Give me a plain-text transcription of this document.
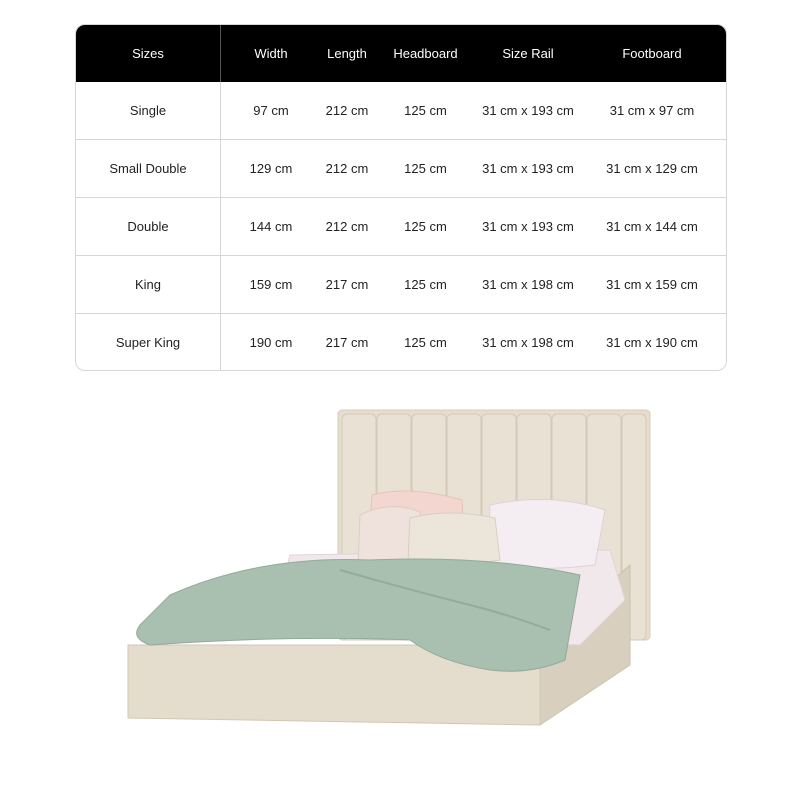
Sizes	Width	Length	Headboard	Size Rail	Footboard
Single	97 cm	212 cm	125 cm	31 cm x 193 cm	31 cm x 97 cm
Small Double	129 cm	212 cm	125 cm	31 cm x 193 cm	31 cm x 129 cm
Double	144 cm	212 cm	125 cm	31 cm x 193 cm	31 cm x 144 cm
King	159 cm	217 cm	125 cm	31 cm x 198 cm	31 cm x 159 cm
Super King	190 cm	217 cm	125 cm	31 cm x 198 cm	31 cm x 190 cm
